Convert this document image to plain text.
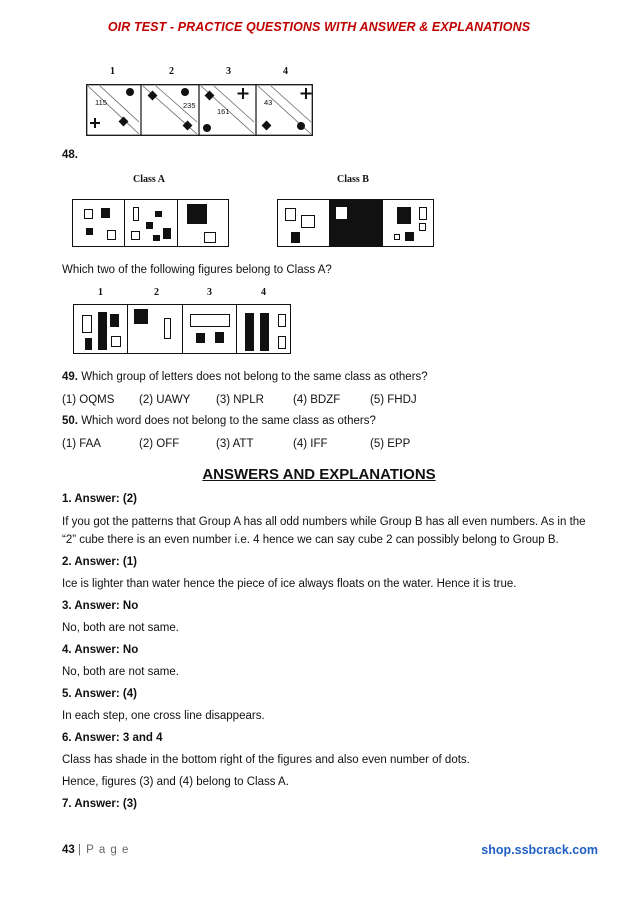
OIR TEST - PRACTICE QUESTIONS WITH ANSWER & EXPLANATIONS
1	2	3	4
115	235
161
43
48.
Class A	Class B
Which two of the following figures belong to Class A?
1	2	3	4
49. Which group of letters does not belong to the same class as others?
(1) OQMS (2) UAWY (3) NPLR	(4) BDZF	(5) FHDJ
50. Which word does not belong to the same class as others?
(1) FAA	(2) OFF	(3) ATT	(4) IFF	(5) EPP
ANSWERS AND EXPLANATIONS
1. Answer: (2)
If you got the patterns that Group A has all odd numbers while Group B has all even numbers. As in the
“2” cube there is an even number i.e. 4 hence we can say cube 2 can possibly belong to Group B.
2. Answer: (1)
Ice is lighter than water hence the piece of ice always floats on the water. Hence it is true.
3. Answer: No
No, both are not same.
4. Answer: No
No, both are not same.
5. Answer: (4)
In each step, one cross line disappears.
6. Answer: 3 and 4
Class has shade in the bottom right of the figures and also even number of dots.
Hence, figures (3) and (4) belong to Class A.
7. Answer: (3)
43 | P a g e	shop.ssbcrack.com
